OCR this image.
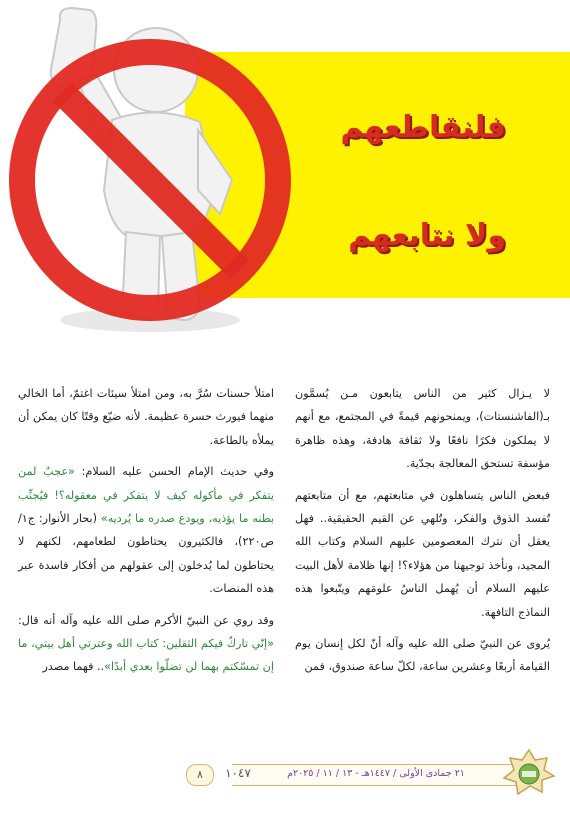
فلنقاطعهم
ولا نتابعهم

لا يـزال كثير من الناس يتابعون مـن يُسمَّون بـ(الفاشنستات)، ويمنحونهم قيمةً في المجتمع، مع أنهم لا يملكون فكرًا نافعًا ولا ثقافة هادفة، وهذه ظاهرة مؤسفة تستحق المعالجة بجدّية.

فبعض الناس يتساهلون في متابعتهم، مع أن متابعتهم تُفسد الذوق والفكر، وتُلهي عن القيم الحقيقية.. فهل يعقل أن نترك المعصومين عليهم السلام وكتاب الله المجيد، ونأخذ توجيهنا من هؤلاء؟! إنها ظلامة لأهل البيت عليهم السلام أن يُهمل الناسُ علومَهم ويتّبعوا هذه النماذج التافهة.

يُروى عن النبيّ صلى الله عليه وآله أنّ لكل إنسان يوم القيامة أربعًا وعشرين ساعة، لكلّ ساعة صندوق، فمن

امتلأ حسنات سُرَّ به، ومن امتلأ سيئات اغتمّ، أما الخالي منهما فيورث حسرة عظيمة. لأنه ضيّع وقتًا كان يمكن أن يملأه بالطاعة.

وفي حديث الإمام الحسن عليه السلام: «عجبٌ لمن يتفكر في مأكوله كيف لا يتفكر في معقوله؟! فيُجنِّب بطنه ما يؤذيه، ويودع صدره ما يُرديه» (بحار الأنوار: ج١/ ص٢٢٠)، فالكثيرون يحتاطون لطعامهم، لكنهم لا يحتاطون لما يُدخلون إلى عقولهم من أفكار فاسدة عبر هذه المنصات.

وقد روي عن النبيّ الأكرم صلى الله عليه وآله أنه قال: «إنّي تاركٌ فيكم الثقلين: كتاب الله وعترتي أهل بيتي، ما إن تمسّكتم بهما لن تضلّوا بعدي أبدًا».. فهما مصدر

٢١ جمادى الأولى / ١٤٤٧هـ - ١٣ / ١١ / ٢٠٢٥م
٨	١٠٤٧
